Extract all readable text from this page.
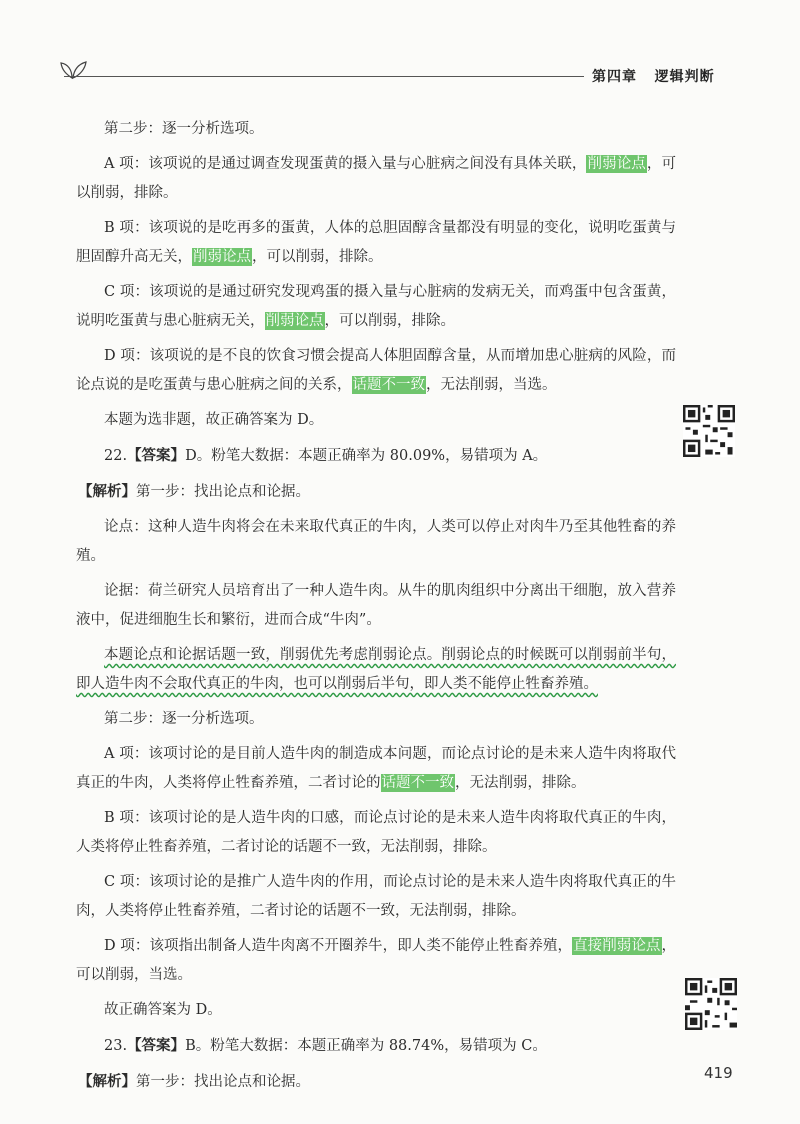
第四章 逻辑判断

第二步：逐一分析选项。

A 项：该项说的是通过调查发现蛋黄的摄入量与心脏病之间没有具体关联，削弱论点，可以削弱，排除。

B 项：该项说的是吃再多的蛋黄，人体的总胆固醇含量都没有明显的变化，说明吃蛋黄与胆固醇升高无关，削弱论点，可以削弱，排除。

C 项：该项说的是通过研究发现鸡蛋的摄入量与心脏病的发病无关，而鸡蛋中包含蛋黄，说明吃蛋黄与患心脏病无关，削弱论点，可以削弱，排除。

D 项：该项说的是不良的饮食习惯会提高人体胆固醇含量，从而增加患心脏病的风险，而论点说的是吃蛋黄与患心脏病之间的关系，话题不一致，无法削弱，当选。

本题为选非题，故正确答案为 D。

22.【答案】D。粉笔大数据：本题正确率为 80.09%，易错项为 A。

【解析】第一步：找出论点和论据。

论点：这种人造牛肉将会在未来取代真正的牛肉，人类可以停止对肉牛乃至其他牲畜的养殖。

论据：荷兰研究人员培育出了一种人造牛肉。从牛的肌肉组织中分离出干细胞，放入营养液中，促进细胞生长和繁衍，进而合成“牛肉”。

本题论点和论据话题一致，削弱优先考虑削弱论点。削弱论点的时候既可以削弱前半句，即人造牛肉不会取代真正的牛肉，也可以削弱后半句，即人类不能停止牲畜养殖。

第二步：逐一分析选项。

A 项：该项讨论的是目前人造牛肉的制造成本问题，而论点讨论的是未来人造牛肉将取代真正的牛肉，人类将停止牲畜养殖，二者讨论的话题不一致，无法削弱，排除。

B 项：该项讨论的是人造牛肉的口感，而论点讨论的是未来人造牛肉将取代真正的牛肉，人类将停止牲畜养殖，二者讨论的话题不一致，无法削弱，排除。

C 项：该项讨论的是推广人造牛肉的作用，而论点讨论的是未来人造牛肉将取代真正的牛肉，人类将停止牲畜养殖，二者讨论的话题不一致，无法削弱，排除。

D 项：该项指出制备人造牛肉离不开圈养牛，即人类不能停止牲畜养殖，直接削弱论点，可以削弱，当选。

故正确答案为 D。

23.【答案】B。粉笔大数据：本题正确率为 88.74%，易错项为 C。

【解析】第一步：找出论点和论据。	419
